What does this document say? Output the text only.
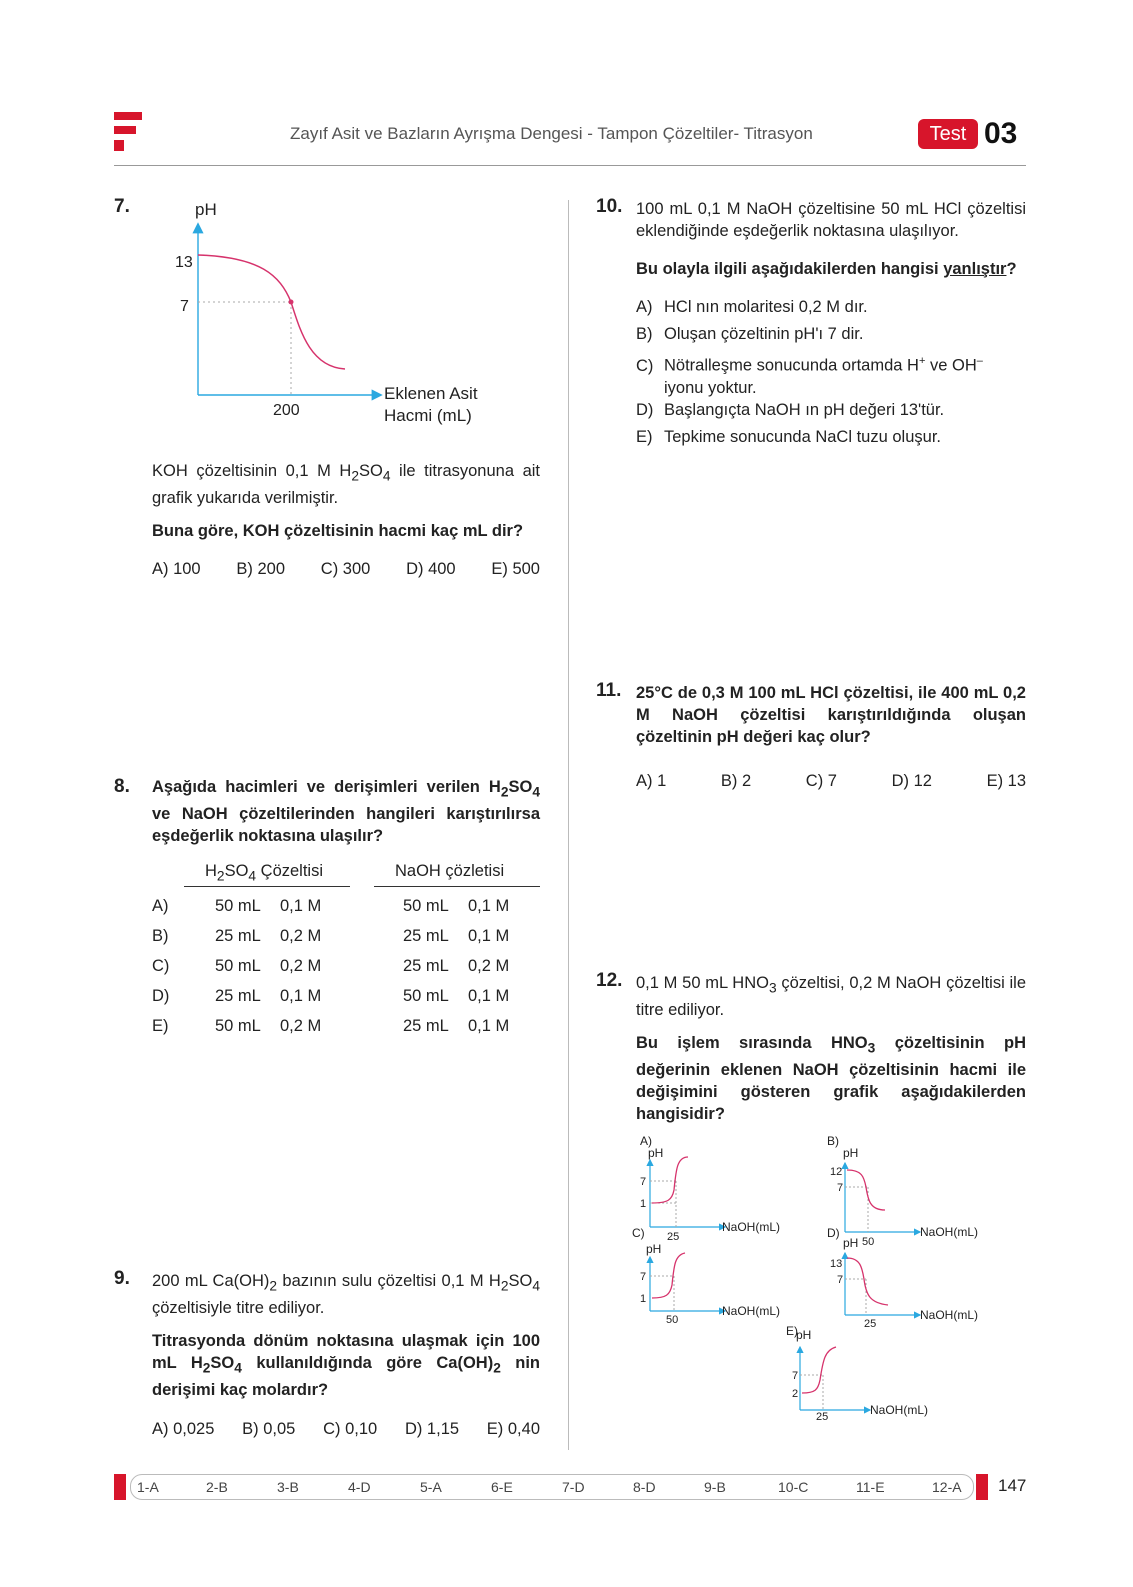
Zayıf Asit ve Bazların Ayrışma Dengesi - Tampon Çözeltiler- Titrasyon	Test 03
7.	pH
13
7
200
Eklenen Asit
Hacmi (mL)
KOH çözeltisinin 0,1 M $H_2SO_4$ ile titrasyonuna ait grafik yukarıda verilmiştir.
Buna göre, KOH çözeltisinin hacmi kaç mL dir?
A) 100 B) 200 C) 300 D) 400 E) 500
8. Aşağıda hacimleri ve derişimleri verilen $H_2SO_4$ ve NaOH çözeltilerinden hangileri karıştırılırsa eşdeğerlik noktasına ulaşılır?
$H_2SO_4$ Çözeltisi	NaOH çözletisi
A)	50 mL 0,1 M	50 mL 0,1 M
B)	25 mL 0,2 M	25 mL 0,1 M
C)	50 mL 0,2 M	25 mL 0,2 M
D)	25 mL 0,1 M	50 mL 0,1 M
E)	50 mL 0,2 M	25 mL 0,1 M
9. 200 mL $Ca(OH)_2$ bazının sulu çözeltisi 0,1 M $H_2SO_4$ çözeltisiyle titre ediliyor.
Titrasyonda dönüm noktasına ulaşmak için 100 mL $H_2SO_4$ kullanıldığında göre $Ca(OH)_2$ nin derişimi kaç molardır?
A) 0,025 B) 0,05 C) 0,10 D) 1,15 E) 0,40
10. 100 mL 0,1 M NaOH çözeltisine 50 mL HCl çözeltisi eklendiğinde eşdeğerlik noktasına ulaşılıyor.
Bu olayla ilgili aşağıdakilerden hangisi yanlıştır?
A) HCl nın molaritesi 0,2 M dır.
B) Oluşan çözeltinin pH'ı 7 dir.
C) Nötralleşme sonucunda ortamda H+ ve OH–
iyonu yoktur.
D) Başlangıçta NaOH ın pH değeri 13'tür.
E) Tepkime sonucunda NaCl tuzu oluşur.
11. 25°C de 0,3 M 100 mL HCl çözeltisi, ile 400 mL 0,2 M NaOH çözeltisi karıştırıldığında oluşan çözeltinin pH değeri kaç olur?
A) 1	B) 2	C) 7	D) 12	E) 13
12. 0,1 M 50 mL $HNO_3$ çözeltisi, 0,2 M NaOH çözeltisi ile titre ediliyor.
Bu işlem sırasında $HNO_3$ çözeltisinin pH değerinin eklenen NaOH çözeltisinin hacmi ile değişimini gösteren grafik aşağıdakilerden hangisidir?
A)
pH
7
1
25
NaOH(mL)
B)
pH
12
7
50
NaOH(mL)
C)
pH
7
1
50
NaOH(mL)
D)
pH
13
7
25
NaOH(mL)
E)
pH
7
2
25	NaOH(mL)
1-A	2-B	3-B	4-D	5-A	6-E	7-D	8-D	9-B	10-C	11-E	12-A 147
